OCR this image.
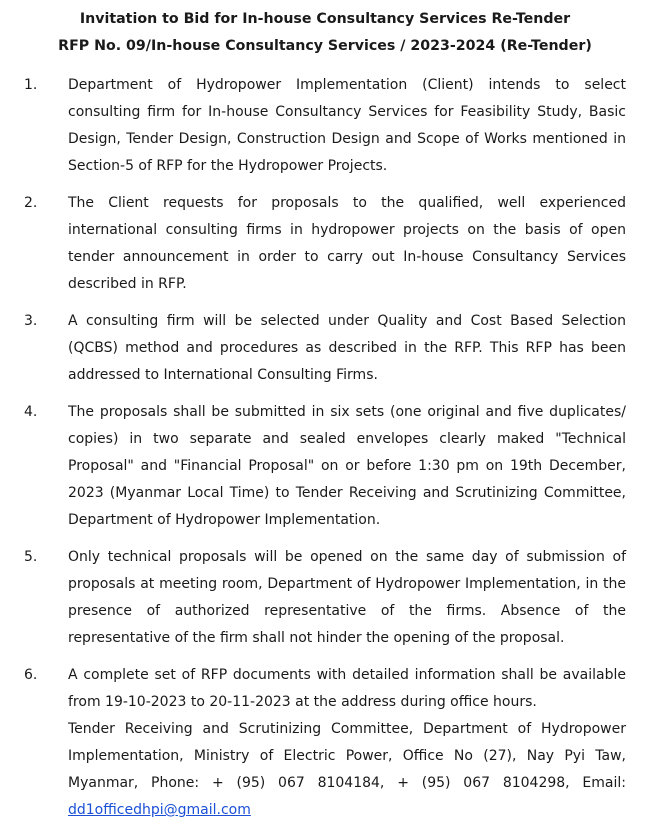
Invitation to Bid for In-house Consultancy Services Re-Tender
RFP No. 09/In-house Consultancy Services / 2023-2024 (Re-Tender)
1.	Department of Hydropower Implementation (Client) intends to select consulting firm for In-house Consultancy Services for Feasibility Study, Basic Design, Tender Design, Construction Design and Scope of Works mentioned in Section-5 of RFP for the Hydropower Projects.
2.	The Client requests for proposals to the qualified, well experienced international consulting firms in hydropower projects on the basis of open tender announcement in order to carry out In-house Consultancy Services described in RFP.
3.	A consulting firm will be selected under Quality and Cost Based Selection (QCBS) method and procedures as described in the RFP. This RFP has been addressed to International Consulting Firms.
4.	The proposals shall be submitted in six sets (one original and five duplicates/ copies) in two separate and sealed envelopes clearly maked "Technical Proposal" and "Financial Proposal" on or before 1:30 pm on 19th December, 2023 (Myanmar Local Time) to Tender Receiving and Scrutinizing Committee, Department of Hydropower Implementation.
5.	Only technical proposals will be opened on the same day of submission of proposals at meeting room, Department of Hydropower Implementation, in the presence of authorized representative of the firms. Absence of the representative of the firm shall not hinder the opening of the proposal.
6.	A complete set of RFP documents with detailed information shall be available from 19-10-2023 to 20-11-2023 at the address during office hours.

Tender Receiving and Scrutinizing Committee, Department of Hydropower Implementation, Ministry of Electric Power, Office No (27), Nay Pyi Taw, Myanmar, Phone: + (95) 067 8104184, + (95) 067 8104298, Email: dd1officedhpi@gmail.com
